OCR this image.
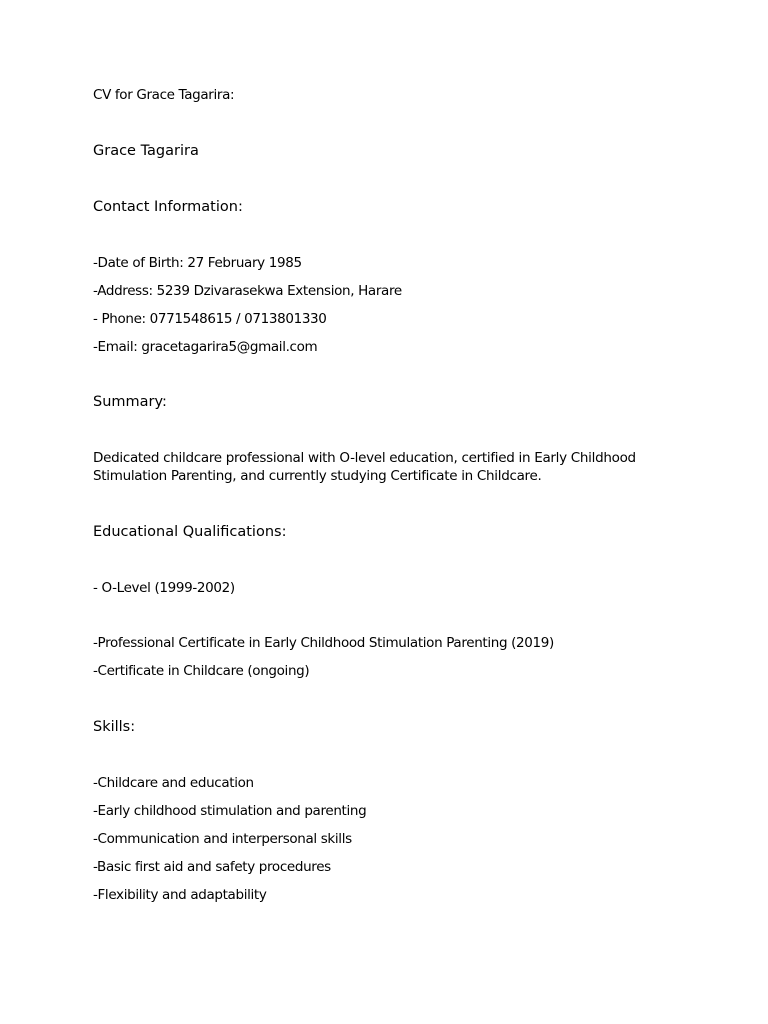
CV for Grace Tagarira:
Grace Tagarira
Contact Information:
-Date of Birth: 27 February 1985
-Address: 5239 Dzivarasekwa Extension, Harare
- Phone: 0771548615 / 0713801330
-Email: gracetagarira5@gmail.com
Summary:
Dedicated childcare professional with O-level education, certified in Early Childhood
Stimulation Parenting, and currently studying Certificate in Childcare.
Educational Qualifications:
- O-Level (1999-2002)
-Professional Certificate in Early Childhood Stimulation Parenting (2019)
-Certificate in Childcare (ongoing)
Skills:
-Childcare and education
-Early childhood stimulation and parenting
-Communication and interpersonal skills
-Basic first aid and safety procedures
-Flexibility and adaptability
